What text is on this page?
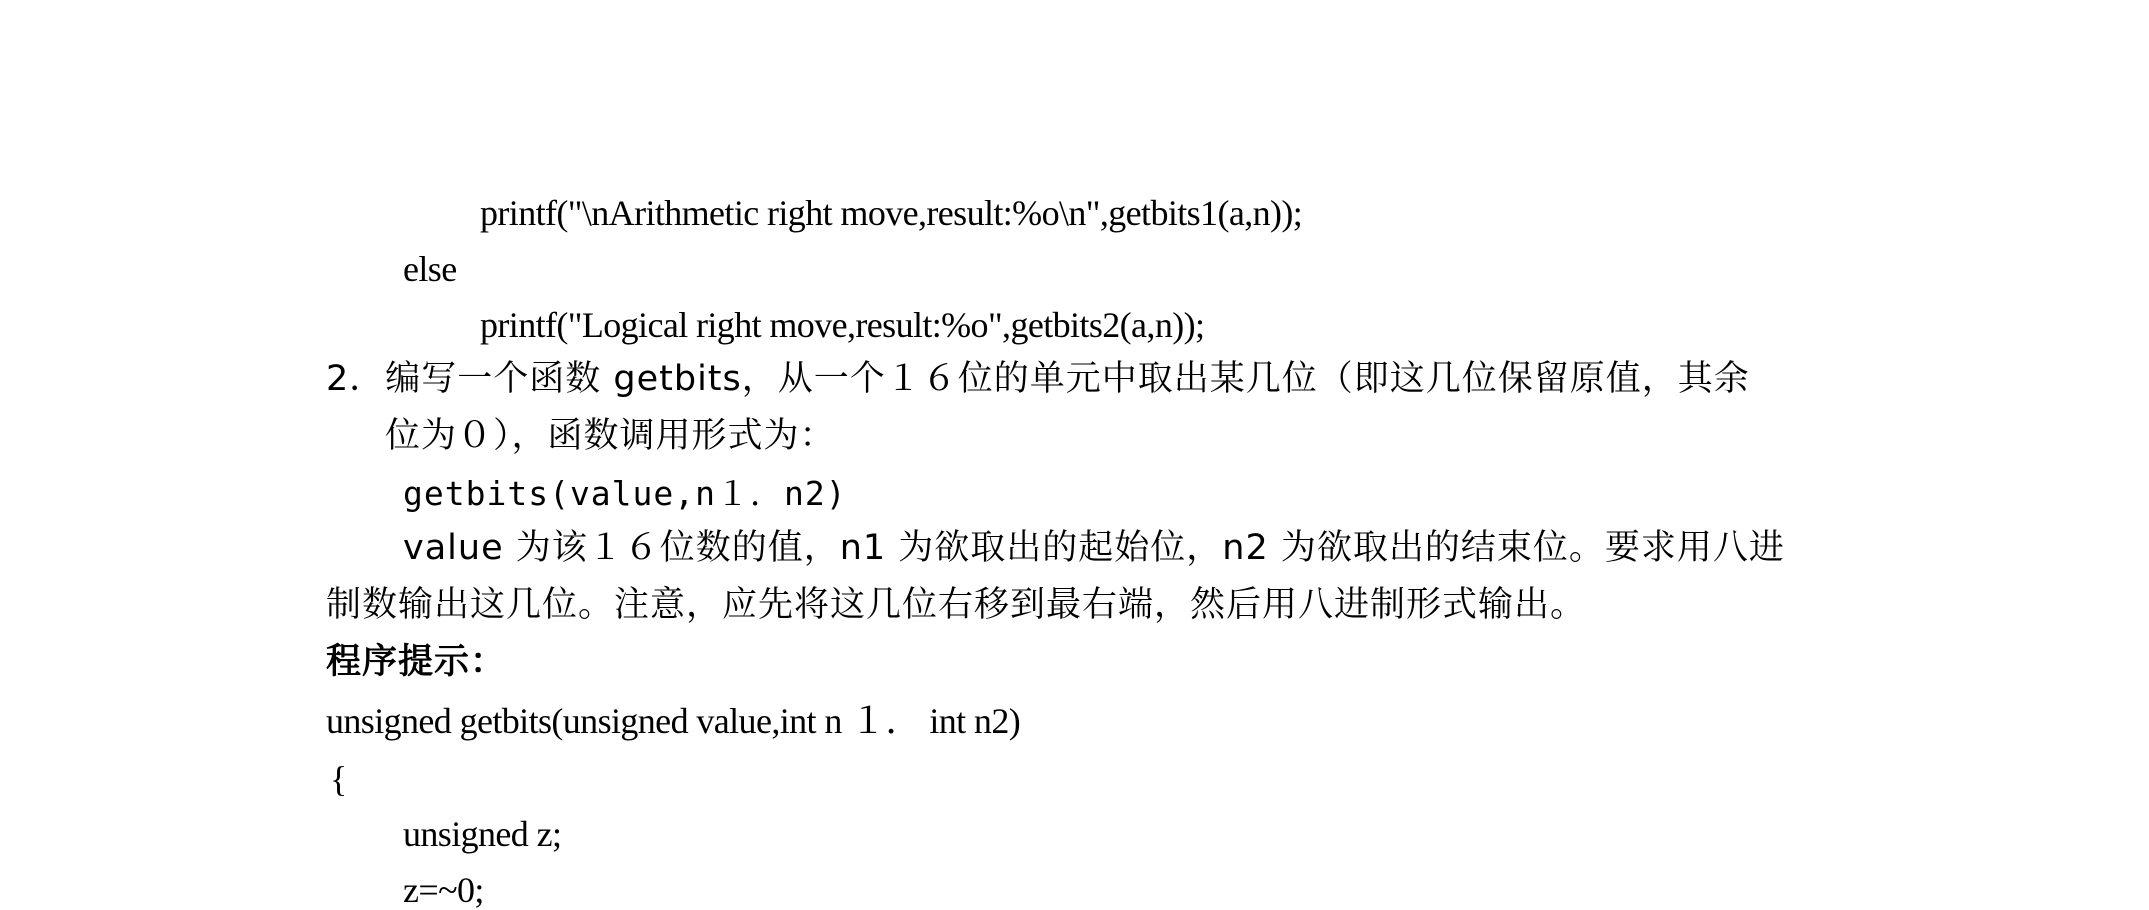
printf("\nArithmetic right move,result:%o\n",getbits1(a,n));
else
printf("Logical right move,result:%o",getbits2(a,n));
2．编写一个函数 getbits，从一个１６位的单元中取出某几位（即这几位保留原值，其余
位为０），函数调用形式为：
getbits(value,n１．n2)
value 为该１６位数的值，n1 为欲取出的起始位，n2 为欲取出的结束位。要求用八进
制数输出这几位。注意，应先将这几位右移到最右端，然后用八进制形式输出。
程序提示：
unsigned getbits(unsigned value,int n １． int n2)
{
unsigned z;
z=~0;
